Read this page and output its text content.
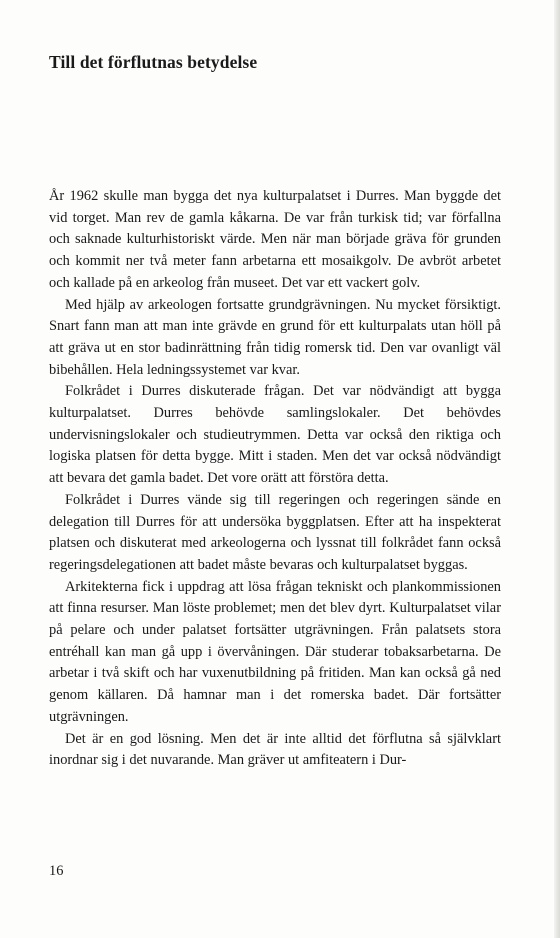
Till det förflutnas betydelse

År 1962 skulle man bygga det nya kulturpalatset i Durres. Man byggde det vid torget. Man rev de gamla kåkarna. De var från turkisk tid; var förfallna och saknade kulturhistoriskt värde. Men när man började gräva för grunden och kommit ner två meter fann arbetarna ett mosaikgolv. De avbröt arbetet och kallade på en arkeolog från museet. Det var ett vackert golv.

Med hjälp av arkeologen fortsatte grundgrävningen. Nu mycket försiktigt. Snart fann man att man inte grävde en grund för ett kulturpalats utan höll på att gräva ut en stor badinrättning från tidig romersk tid. Den var ovanligt väl bibehållen. Hela ledningssystemet var kvar.

Folkrådet i Durres diskuterade frågan. Det var nödvändigt att bygga kulturpalatset. Durres behövde samlingslokaler. Det behövdes undervisningslokaler och studieutrymmen. Detta var också den riktiga och logiska platsen för detta bygge. Mitt i staden. Men det var också nödvändigt att bevara det gamla badet. Det vore orätt att förstöra detta.

Folkrådet i Durres vände sig till regeringen och regeringen sände en delegation till Durres för att undersöka byggplatsen. Efter att ha inspekterat platsen och diskuterat med arkeologerna och lyssnat till folkrådet fann också regeringsdelegationen att badet måste bevaras och kulturpalatset byggas.

Arkitekterna fick i uppdrag att lösa frågan tekniskt och plankommissionen att finna resurser. Man löste problemet; men det blev dyrt. Kulturpalatset vilar på pelare och under palatset fortsätter utgrävningen. Från palatsets stora entréhall kan man gå upp i övervåningen. Där studerar tobaksarbetarna. De arbetar i två skift och har vuxenutbildning på fritiden. Man kan också gå ned genom källaren. Då hamnar man i det romerska badet. Där fortsätter utgrävningen.

Det är en god lösning. Men det är inte alltid det förflutna så självklart inordnar sig i det nuvarande. Man gräver ut amfiteatern i Dur-

16
